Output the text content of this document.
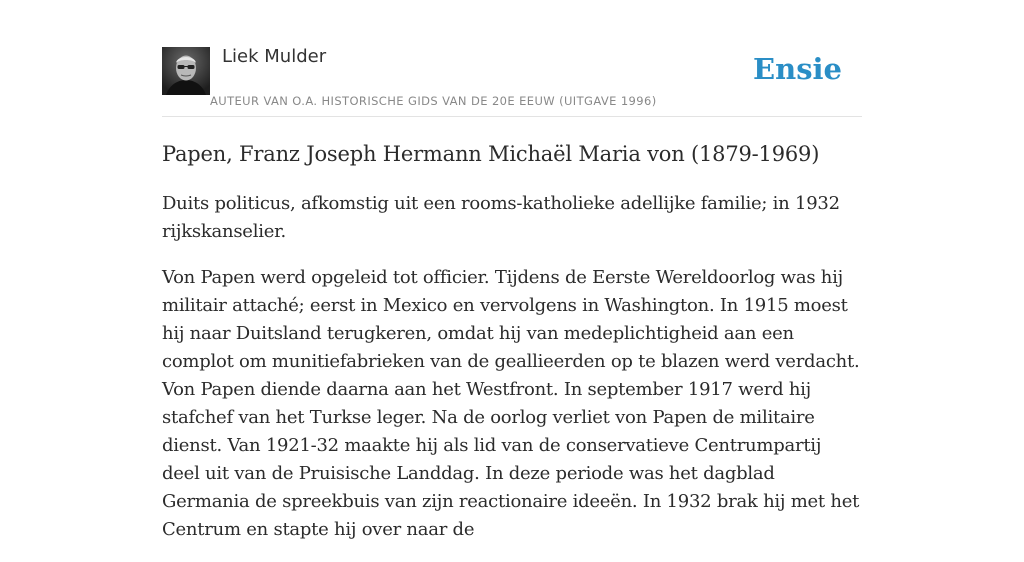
Liek Mulder

AUTEUR VAN O.A. HISTORISCHE GIDS VAN DE 20E EEUW (UITGAVE 1996)

Ensie

Papen, Franz Joseph Hermann Michaël Maria von (1879-1969)

Duits politicus, afkomstig uit een rooms-katholieke adellijke familie; in 1932 rijkskanselier.

Von Papen werd opgeleid tot officier. Tijdens de Eerste Wereldoorlog was hij militair attaché; eerst in Mexico en vervolgens in Washington. In 1915 moest hij naar Duitsland terugkeren, omdat hij van medeplichtigheid aan een complot om munitiefabrieken van de geallieerden op te blazen werd verdacht. Von Papen diende daarna aan het Westfront. In september 1917 werd hij stafchef van het Turkse leger. Na de oorlog verliet von Papen de militaire dienst. Van 1921-32 maakte hij als lid van de conservatieve Centrumpartij deel uit van de Pruisische Landdag. In deze periode was het dagblad Germania de spreekbuis van zijn reactionaire ideeën. In 1932 brak hij met het Centrum en stapte hij over naar de
